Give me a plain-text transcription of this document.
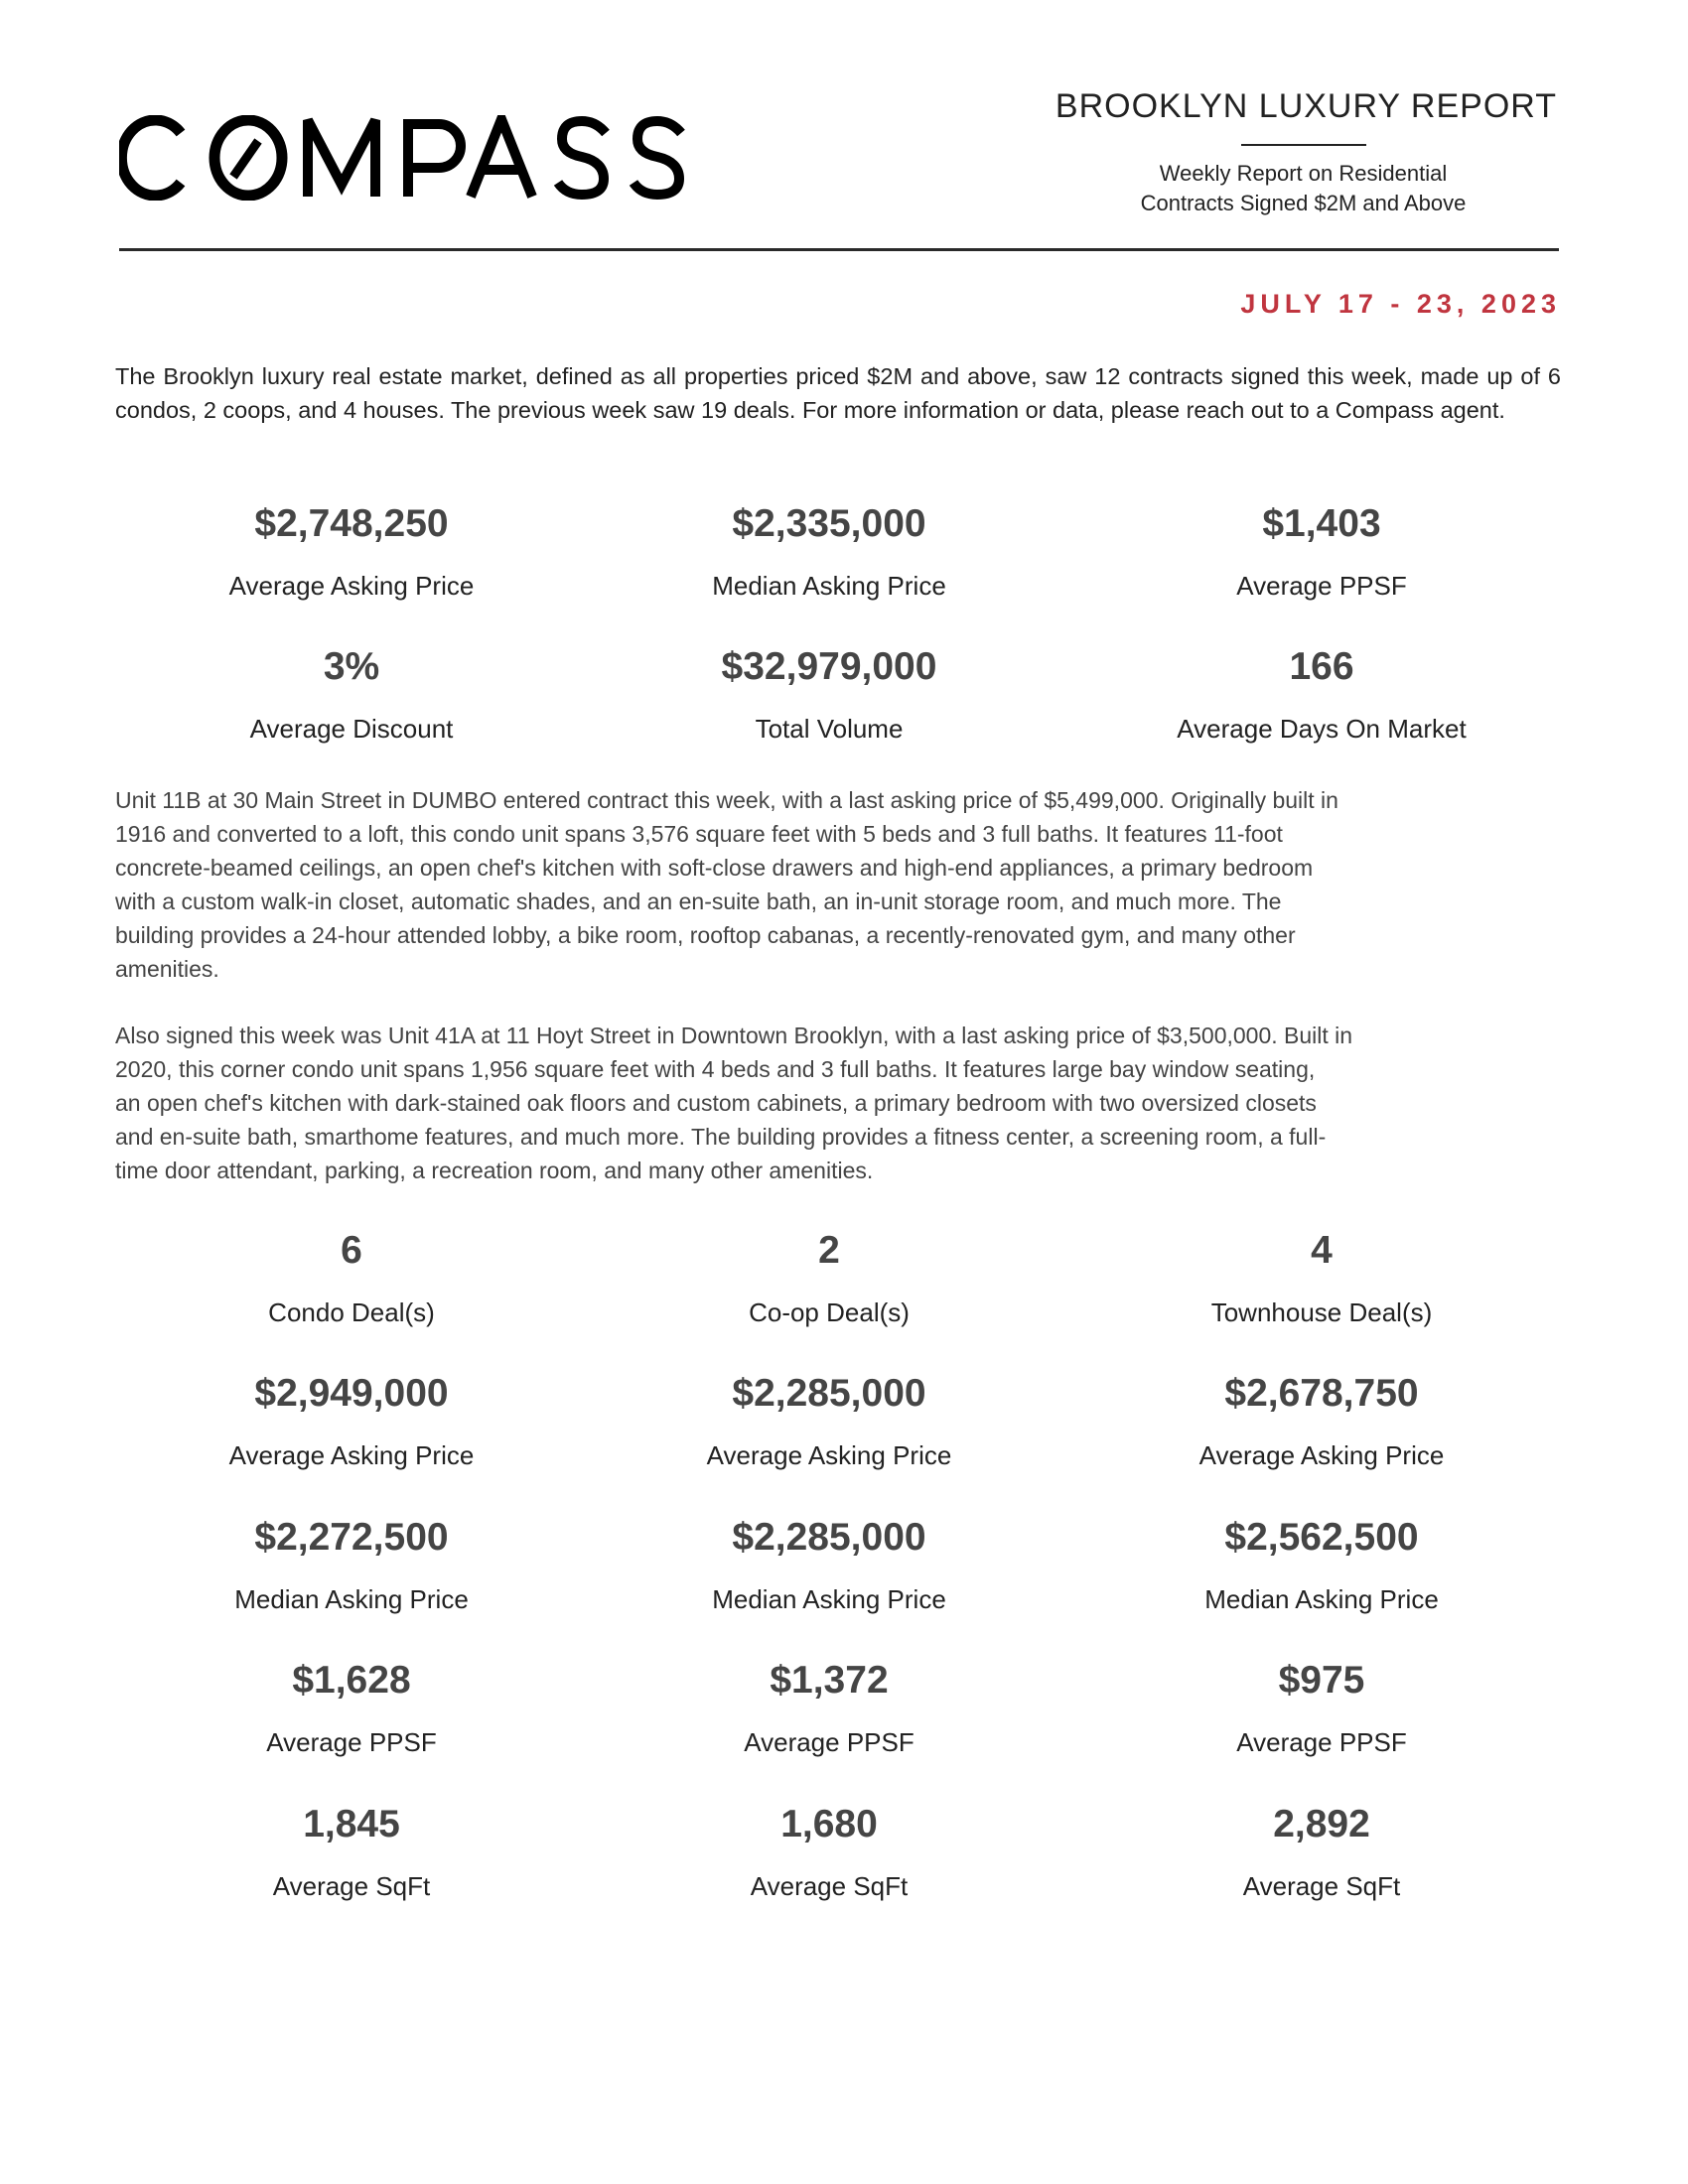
BROOKLYN LUXURY REPORT
Weekly Report on Residential
Contracts Signed $2M and Above
JULY 17 - 23, 2023
The Brooklyn luxury real estate market, defined as all properties priced $2M and above, saw 12 contracts signed this week, made up of 6 condos, 2 coops, and 4 houses. The previous week saw 19 deals. For more information or data, please reach out to a Compass agent.
$2,748,250
Average Asking Price
$2,335,000
Median Asking Price
$1,403
Average PPSF
3%
Average Discount
$32,979,000
Total Volume
166
Average Days On Market
Unit 11B at 30 Main Street in DUMBO entered contract this week, with a last asking price of $5,499,000. Originally built in
1916 and converted to a loft, this condo unit spans 3,576 square feet with 5 beds and 3 full baths. It features 11-foot
concrete-beamed ceilings, an open chef's kitchen with soft-close drawers and high-end appliances, a primary bedroom
with a custom walk-in closet, automatic shades, and an en-suite bath, an in-unit storage room, and much more. The
building provides a 24-hour attended lobby, a bike room, rooftop cabanas, a recently-renovated gym, and many other
amenities.
Also signed this week was Unit 41A at 11 Hoyt Street in Downtown Brooklyn, with a last asking price of $3,500,000. Built in
2020, this corner condo unit spans 1,956 square feet with 4 beds and 3 full baths. It features large bay window seating,
an open chef's kitchen with dark-stained oak floors and custom cabinets, a primary bedroom with two oversized closets
and en-suite bath, smarthome features, and much more. The building provides a fitness center, a screening room, a full-
time door attendant, parking, a recreation room, and many other amenities.
6
Condo Deal(s)
$2,949,000
Average Asking Price
$2,272,500
Median Asking Price
$1,628
Average PPSF
1,845
Average SqFt
2
Co-op Deal(s)
$2,285,000
Average Asking Price
$2,285,000
Median Asking Price
$1,372
Average PPSF
1,680
Average SqFt
4
Townhouse Deal(s)
$2,678,750
Average Asking Price
$2,562,500
Median Asking Price
$975
Average PPSF
2,892
Average SqFt
